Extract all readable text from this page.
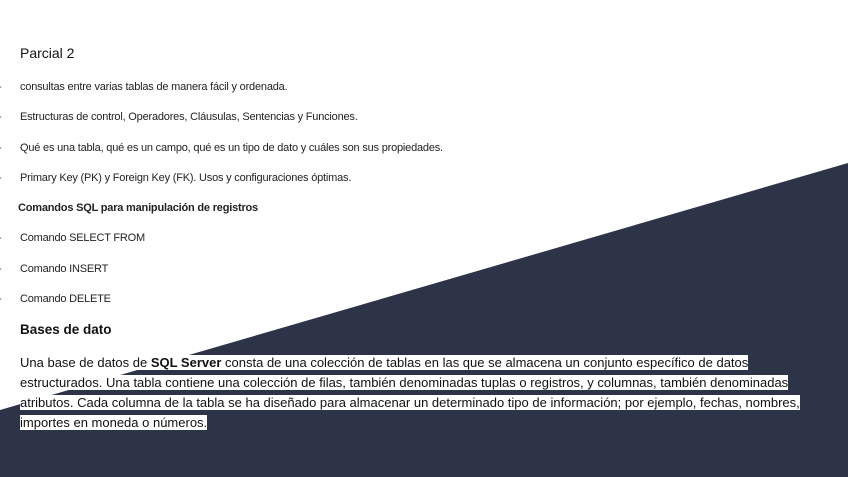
Parcial 2
consultas entre varias tablas de manera fácil y ordenada.
Estructuras de control, Operadores, Cláusulas, Sentencias y Funciones.
Qué es una tabla, qué es un campo, qué es un tipo de dato y cuáles son sus propiedades.
Primary Key (PK) y Foreign Key (FK). Usos y configuraciones óptimas.
Comandos SQL para manipulación de registros
Comando SELECT FROM
Comando INSERT
Comando DELETE
Bases de dato
Una base de datos de SQL Server consta de una colección de tablas en las que se almacena un conjunto específico de datos estructurados. Una tabla contiene una colección de filas, también denominadas tuplas o registros, y columnas, también denominadas atributos. Cada columna de la tabla se ha diseñado para almacenar un determinado tipo de información; por ejemplo, fechas, nombres, importes en moneda o números.
